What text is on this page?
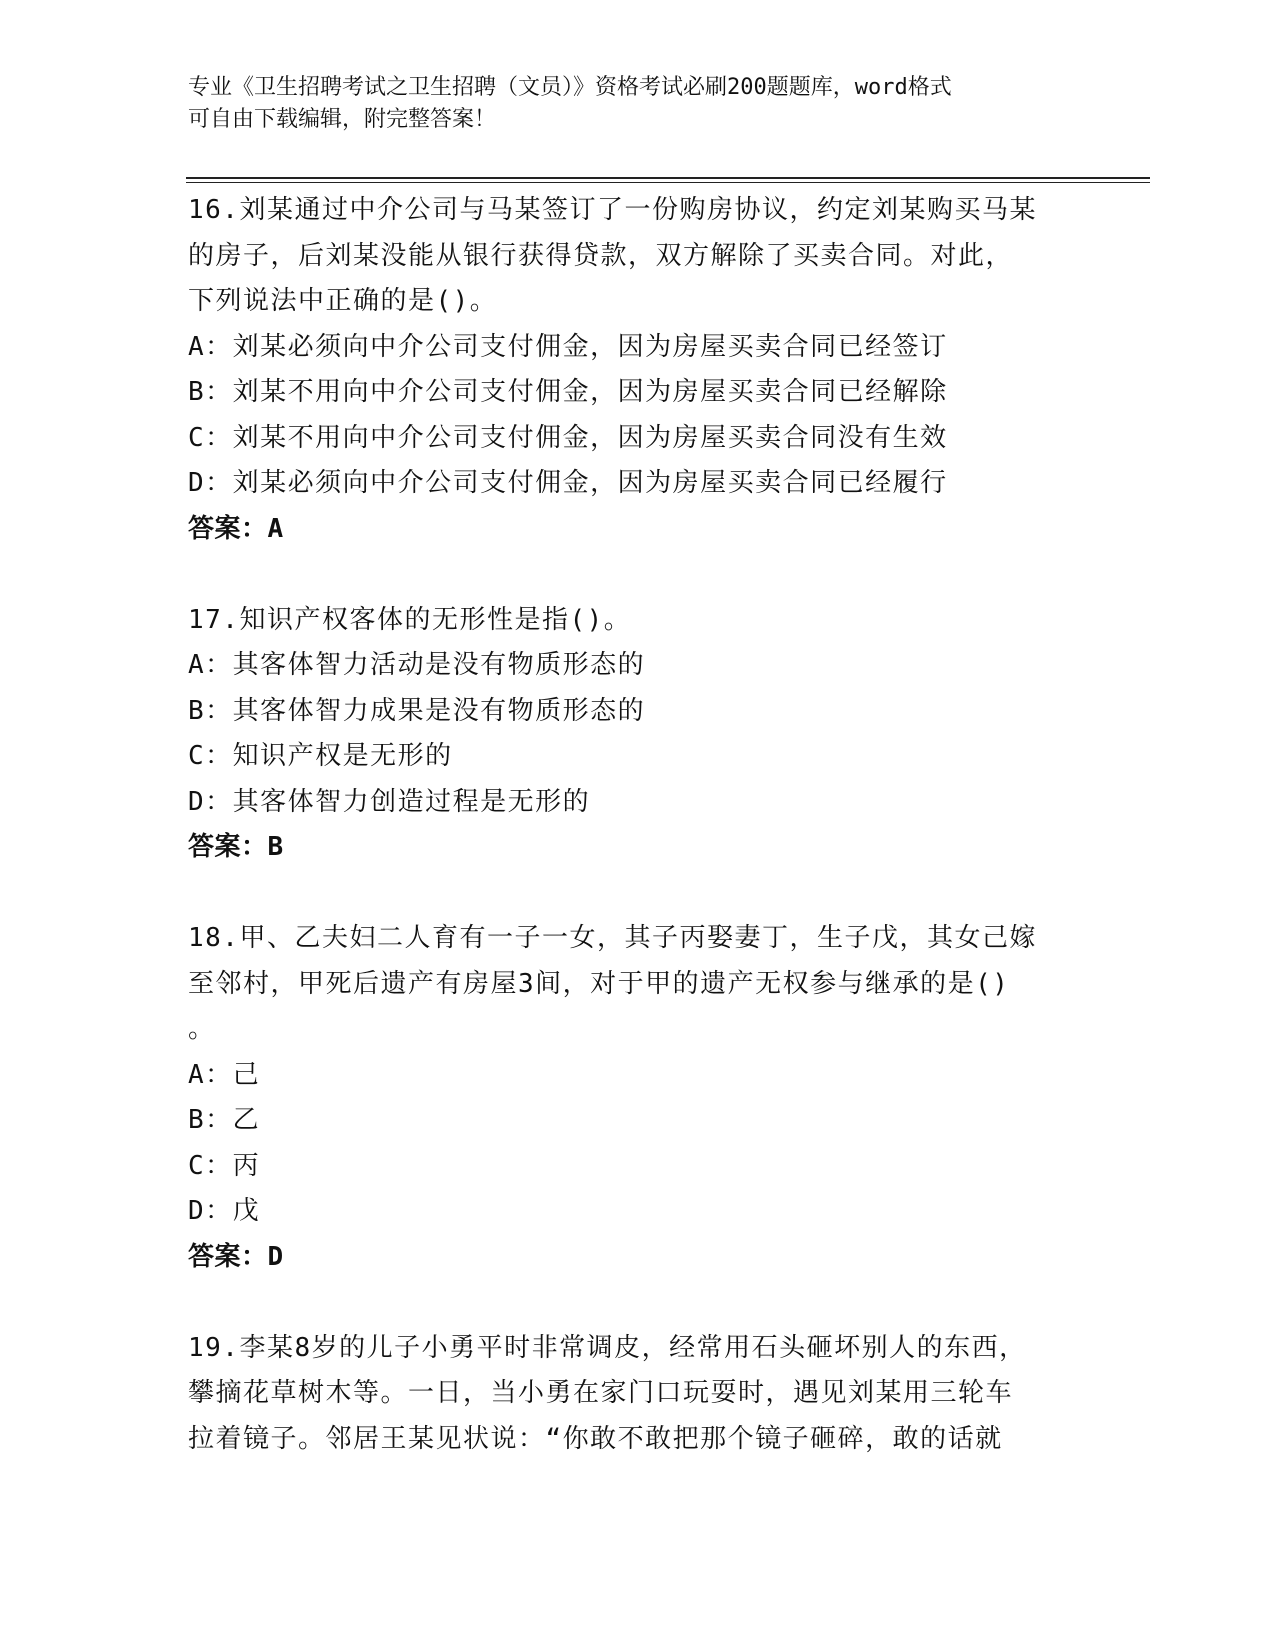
专业《卫生招聘考试之卫生招聘（文员）》资格考试必刷200题题库，word格式
可自由下载编辑，附完整答案！
16.刘某通过中介公司与马某签订了一份购房协议，约定刘某购买马某
的房子，后刘某没能从银行获得贷款，双方解除了买卖合同。对此，
下列说法中正确的是()。
A：刘某必须向中介公司支付佣金，因为房屋买卖合同已经签订
B：刘某不用向中介公司支付佣金，因为房屋买卖合同已经解除
C：刘某不用向中介公司支付佣金，因为房屋买卖合同没有生效
D：刘某必须向中介公司支付佣金，因为房屋买卖合同已经履行
答案：A
17.知识产权客体的无形性是指()。
A：其客体智力活动是没有物质形态的
B：其客体智力成果是没有物质形态的
C：知识产权是无形的
D：其客体智力创造过程是无形的
答案：B
18.甲、乙夫妇二人育有一子一女，其子丙娶妻丁，生子戊，其女己嫁
至邻村，甲死后遗产有房屋3间，对于甲的遗产无权参与继承的是()
。
A：己
B：乙
C：丙
D：戊
答案：D
19.李某8岁的儿子小勇平时非常调皮，经常用石头砸坏别人的东西，
攀摘花草树木等。一日，当小勇在家门口玩耍时，遇见刘某用三轮车
拉着镜子。邻居王某见状说：“你敢不敢把那个镜子砸碎，敢的话就
